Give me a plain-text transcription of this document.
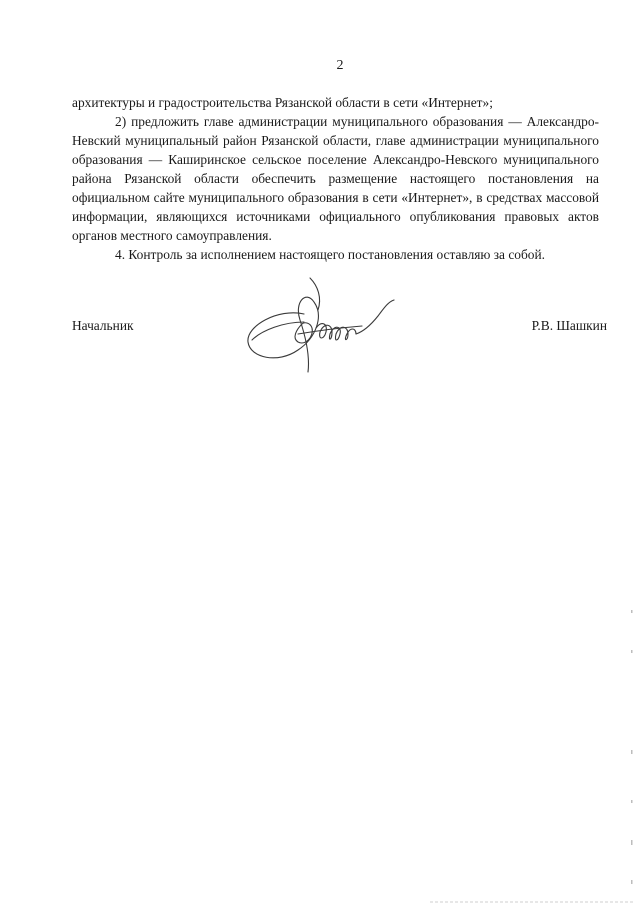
2

архитектуры и градостроительства Рязанской области в сети «Интернет»;

2) предложить главе администрации муниципального образования — Александро-Невский муниципальный район Рязанской области, главе администрации муниципального образования — Каширинское сельское поселение Александро-Невского муниципального района Рязанской области обеспечить размещение настоящего постановления на официальном сайте муниципального образования в сети «Интернет», в средствах массовой информации, являющихся источниками официального опубликования правовых актов органов местного самоуправления.

4. Контроль за исполнением настоящего постановления оставляю за собой.

Начальник	Р.В. Шашкин
